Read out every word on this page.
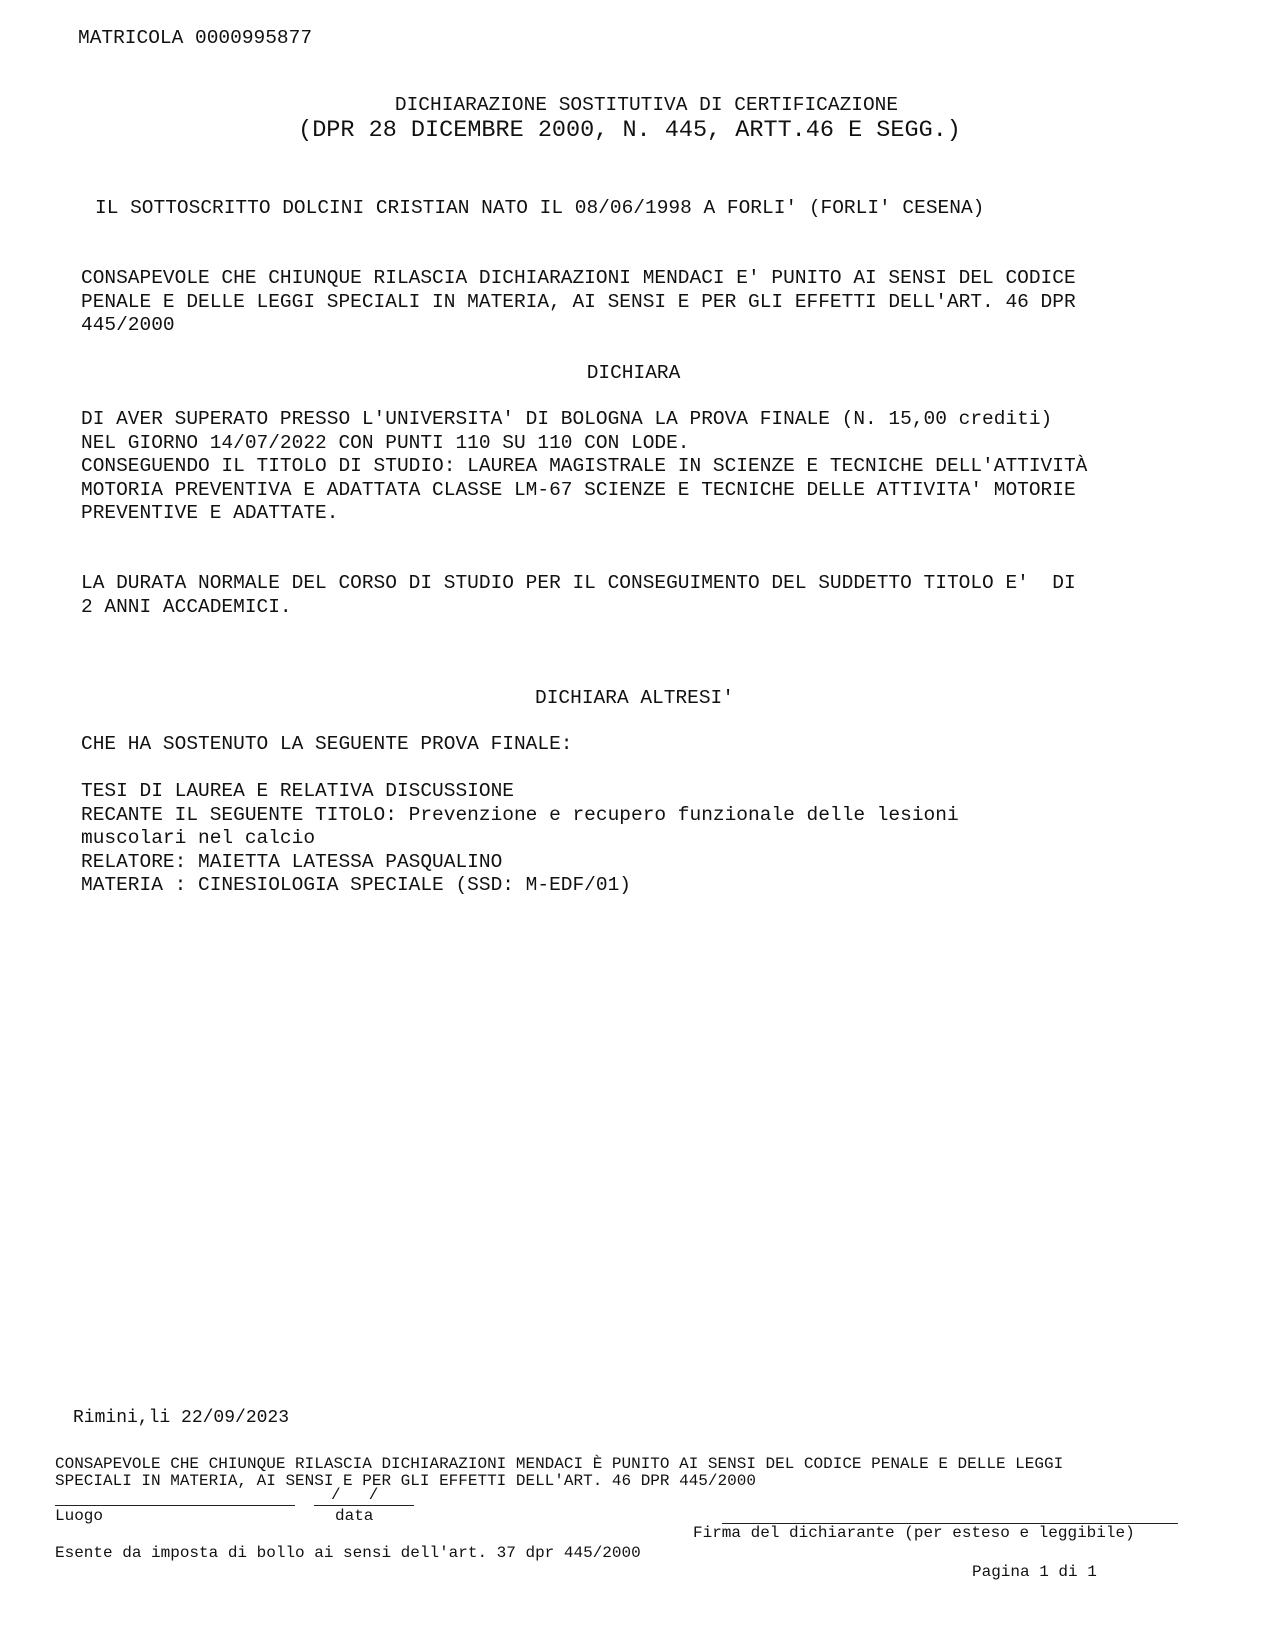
MATRICOLA 0000995877
DICHIARAZIONE SOSTITUTIVA DI CERTIFICAZIONE
(DPR 28 DICEMBRE 2000, N. 445, ARTT.46 E SEGG.)
IL SOTTOSCRITTO DOLCINI CRISTIAN NATO IL 08/06/1998 A FORLI' (FORLI' CESENA)
CONSAPEVOLE CHE CHIUNQUE RILASCIA DICHIARAZIONI MENDACI E' PUNITO AI SENSI DEL CODICE
PENALE E DELLE LEGGI SPECIALI IN MATERIA, AI SENSI E PER GLI EFFETTI DELL'ART. 46 DPR
445/2000
DICHIARA
DI AVER SUPERATO PRESSO L'UNIVERSITA' DI BOLOGNA LA PROVA FINALE (N. 15,00 crediti)
NEL GIORNO 14/07/2022 CON PUNTI 110 SU 110 CON LODE.
CONSEGUENDO IL TITOLO DI STUDIO: LAUREA MAGISTRALE IN SCIENZE E TECNICHE DELL'ATTIVITÀ
MOTORIA PREVENTIVA E ADATTATA CLASSE LM-67 SCIENZE E TECNICHE DELLE ATTIVITA' MOTORIE
PREVENTIVE E ADATTATE.
LA DURATA NORMALE DEL CORSO DI STUDIO PER IL CONSEGUIMENTO DEL SUDDETTO TITOLO E'  DI
2 ANNI ACCADEMICI.
DICHIARA ALTRESI'
CHE HA SOSTENUTO LA SEGUENTE PROVA FINALE:
TESI DI LAUREA E RELATIVA DISCUSSIONE
RECANTE IL SEGUENTE TITOLO: Prevenzione e recupero funzionale delle lesioni
muscolari nel calcio
RELATORE: MAIETTA LATESSA PASQUALINO
MATERIA : CINESIOLOGIA SPECIALE (SSD: M-EDF/01)
Rimini,li 22/09/2023
CONSAPEVOLE CHE CHIUNQUE RILASCIA DICHIARAZIONI MENDACI È PUNITO AI SENSI DEL CODICE PENALE E DELLE LEGGI
SPECIALI IN MATERIA, AI SENSI E PER GLI EFFETTI DELL'ART. 46 DPR 445/2000
/  /
Luogo	data
Firma del dichiarante (per esteso e leggibile)
Esente da imposta di bollo ai sensi dell'art. 37 dpr 445/2000
Pagina 1 di 1
